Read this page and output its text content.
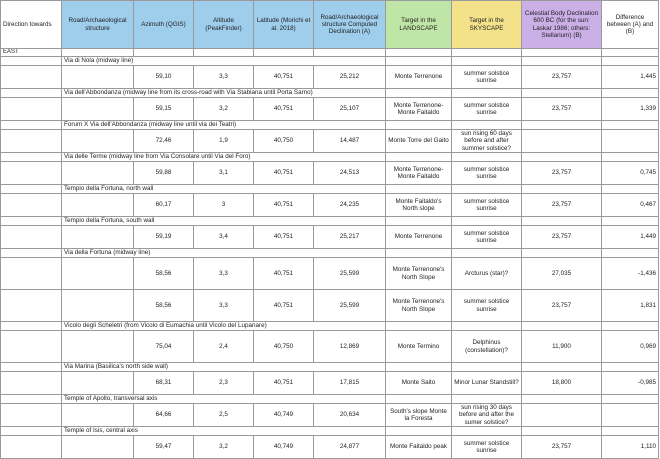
Direction towards	Road/Archaeological structure	Azimuth (QGIS)	Altitude (PeakFinder)	Latitude (Morichi et al. 2018)	Road/Archaeological structure Computed Declination (A)	Target in the LANDSCAPE	Target in the SKYSCAPE	Celestial Body Declination 600 BC (for the sun: Laskar 1986; others: Stellarium) (B)	Difference between (A) and (B)
EAST									
	Via di Nola (midway line)								
		59,10	3,3	40,751	25,212	Monte Terrenone	summer solstice sunrise	23,757	1,445
	Via dell'Abbondanza (midway line from its cross-road with Via Stabiana until Porta Sarno)								
		59,15	3,2	40,751	25,107	Monte Terrenone-Monte Faitaldo	summer solstice sunrise	23,757	1,339
	Forum X Via dell'Abbondanza (midway line until via dei Teatri)								
		72,46	1,9	40,750	14,487	Monte Torre del Gaito	sun rising 60 days before and after summer solstice?		
	Via delle Terme (midway line from Via Consolare until Via del Foro)								
		59,88	3,1	40,751	24,513	Monte Terrenone-Monte Faitaldo	summer solstice sunrise	23,757	0,745
	Tempio della Fortuna, north wall								
		60,17	3	40,751	24,235	Monte Faitaldo's North slope	summer solstice sunrise	23,757	0,467
	Tempio della Fortuna, south wall								
		59,19	3,4	40,751	25,217	Monte Terrenone	summer solstice sunrise	23,757	1,449
	Via della Fortuna (midway line)								
		58,56	3,3	40,751	25,599	Monte Terrenone's North Slope	Arcturus (star)?	27,035	-1,436
		58,56	3,3	40,751	25,599	Monte Terrenone's North Slope	summer solstice sunrise	23,757	1,831
	Vicolo degli Scheletri (from Vicolo di Eumachia until Vicolo del Lupanare)								
		75,04	2,4	40,750	12,869	Monte Termino	Delphinus (constellation)?	11,900	0,969
	Via Marina (Basilica's north side wall)								
		68,31	2,3	40,751	17,815	Monte Saito	Minor Lunar Standstill?	18,800	-0,985
	Temple of Apollo, transversal axis								
		64,66	2,5	40,749	20,634	South's slope Monte la Foresta	sun rising 30 days before and after the sumer solstice?		
	Temple of Isis, central axis								
		59,47	3,2	40,749	24,877	Monte Faitaldo peak	summer solstice sunrise	23,757	1,110
